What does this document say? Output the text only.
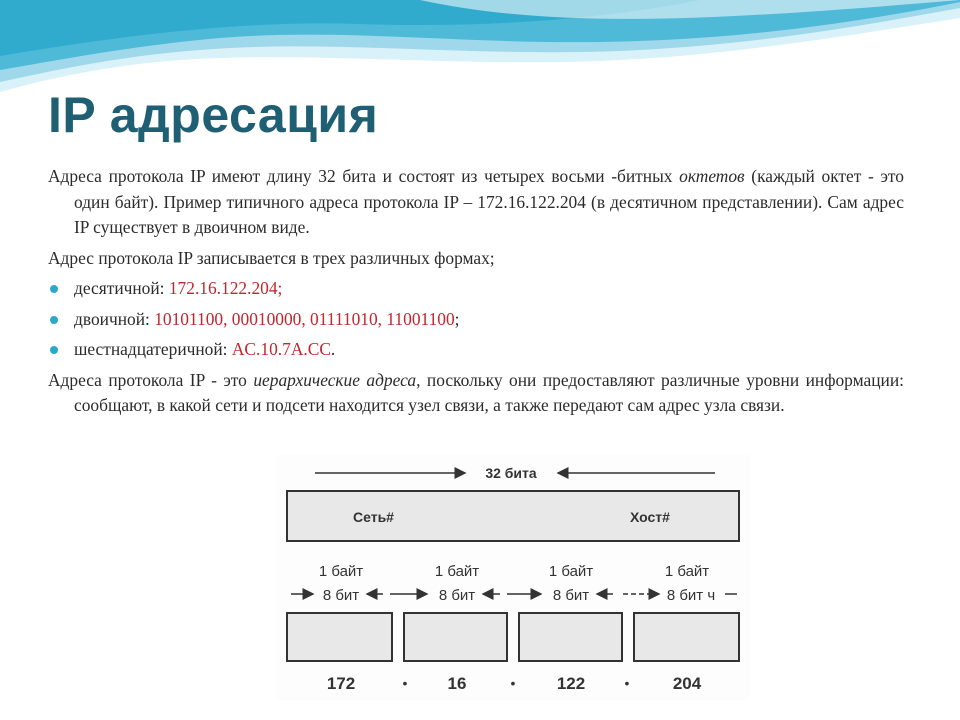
IP адресация
Адреса протокола IP имеют длину 32 бита и состоят из четырех восьми -битных октетов (каждый октет - это один байт). Пример типичного адреса протокола IP – 172.16.122.204 (в десятичном представлении). Сам адрес IP существует в двоичном виде.
Адрес протокола IP записывается в трех различных формах;
десятичной: 172.16.122.204;
двоичной: 10101100, 00010000, 01111010, 11001100;
шестнадцатеричной: AC.10.7A.CC.
Адреса протокола IP - это иерархические адреса, поскольку они предоставляют различные уровни информации: сообщают, в какой сети и подсети находится узел связи, а также передают сам адрес узла связи.
32 бита
Сеть#	Хост#
1 байт	1 байт	1 байт	1 байт
8 бит	8 бит	8 бит	8 бит ч
172	• 16	• 122	•	204
